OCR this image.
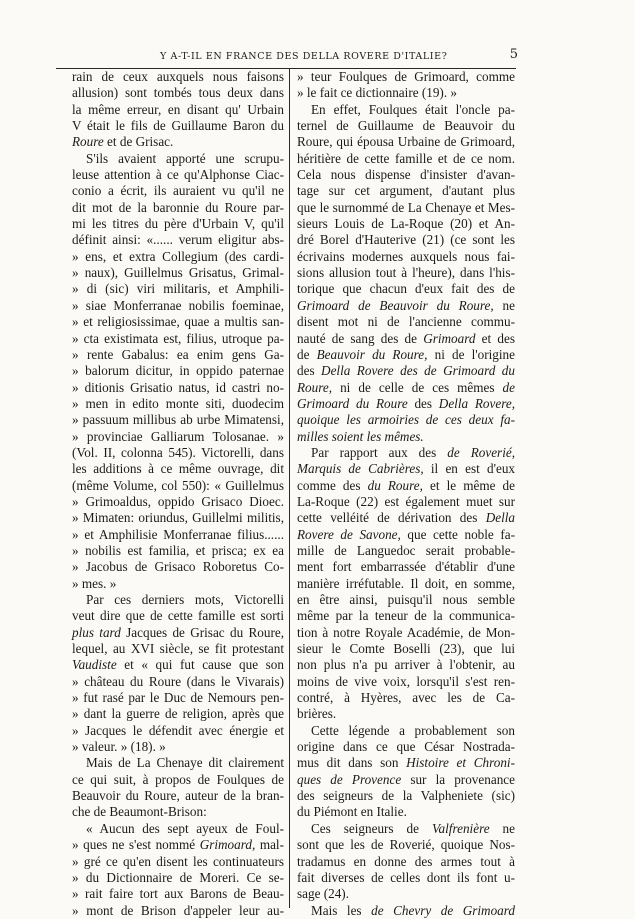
Y A-T-IL EN FRANCE DES DELLA ROVERE D'ITALIE?	5
rain de ceux auxquels nous faisons
allusion) sont tombés tous deux dans
la même erreur, en disant qu' Urbain
V était le fils de Guillaume Baron du
Roure et de Grisac.
S'ils avaient apporté une scrupu-
leuse attention à ce qu'Alphonse Ciac-
conio a écrit, ils auraient vu qu'il ne
dit mot de la baronnie du Roure par-
mi les titres du père d'Urbain V, qu'il
définit ainsi: «...... verum eligitur abs-
» ens, et extra Collegium (des cardi-
» naux), Guillelmus Grisatus, Grimal-
» di (sic) viri militaris, et Amphili-
» siae Monferranae nobilis foeminae,
» et religiosissimae, quae a multis san-
» cta existimata est, filius, utroque pa-
» rente Gabalus: ea enim gens Ga-
» balorum dicitur, in oppido paternae
» ditionis Grisatio natus, id castri no-
» men in edito monte siti, duodecim
» passuum millibus ab urbe Mimatensi,
» provinciae Galliarum Tolosanae. »
(Vol. II, colonna 545). Victorelli, dans
les additions à ce même ouvrage, dit
(même Volume, col 550): « Guillelmus
» Grimoaldus, oppido Grisaco Dioec.
» Mimaten: oriundus, Guillelmi militis,
» et Amphilisie Monferranae filius......
» nobilis est familia, et prisca; ex ea
» Jacobus de Grisaco Roboretus Co-
» mes. »
Par ces derniers mots, Victorelli
veut dire que de cette famille est sorti
plus tard Jacques de Grisac du Roure,
lequel, au XVI siècle, se fit protestant
Vaudiste et « qui fut cause que son
» château du Roure (dans le Vivarais)
» fut rasé par le Duc de Nemours pen-
» dant la guerre de religion, après que
» Jacques le défendit avec énergie et
» valeur. » (18). »
Mais de La Chenaye dit clairement
ce qui suit, à propos de Foulques de
Beauvoir du Roure, auteur de la bran-
che de Beaumont-Brison:
« Aucun des sept ayeux de Foul-
» ques ne s'est nommé Grimoard, mal-
» gré ce qu'en disent les continuateurs
» du Dictionnaire de Moreri. Ce se-
» rait faire tort aux Barons de Beau-
» mont de Brison d'appeler leur au-
» teur Foulques de Grimoard, comme
» le fait ce dictionnaire (19). »
En effet, Foulques était l'oncle pa-
ternel de Guillaume de Beauvoir du
Roure, qui épousa Urbaine de Grimoard,
héritière de cette famille et de ce nom.
Cela nous dispense d'insister d'avan-
tage sur cet argument, d'autant plus
que le surnommé de La Chenaye et Mes-
sieurs Louis de La-Roque (20) et An-
dré Borel d'Hauterive (21) (ce sont les
écrivains modernes auxquels nous fai-
sions allusion tout à l'heure), dans l'his-
torique que chacun d'eux fait des de
Grimoard de Beauvoir du Roure, ne
disent mot ni de l'ancienne commu-
nauté de sang des de Grimoard et des
de Beauvoir du Roure, ni de l'origine
des Della Rovere des de Grimoard du
Roure, ni de celle de ces mêmes de
Grimoard du Roure des Della Rovere,
quoique les armoiries de ces deux fa-
milles soient les mêmes.
Par rapport aux des de Roverié,
Marquis de Cabrières, il en est d'eux
comme des du Roure, et le même de
La-Roque (22) est également muet sur
cette velléité de dérivation des Della
Rovere de Savone, que cette noble fa-
mille de Languedoc serait probable-
ment fort embarrassée d'établir d'une
manière irréfutable. Il doit, en somme,
en être ainsi, puisqu'il nous semble
même par la teneur de la communica-
tion à notre Royale Académie, de Mon-
sieur le Comte Boselli (23), que lui
non plus n'a pu arriver à l'obtenir, au
moins de vive voix, lorsqu'il s'est ren-
contré, à Hyères, avec les de Ca-
brières.
Cette légende a probablement son
origine dans ce que César Nostrada-
mus dit dans son Histoire et Chroni-
ques de Provence sur la provenance
des seigneurs de la Valpheniete (sic)
du Piémont en Italie.
Ces seigneurs de Valfrenière ne
sont que les de Roverié, quoique Nos-
tradamus en donne des armes tout à
fait diverses de celles dont ils font u-
sage (24).
Mais les de Chevry de Grimoard
